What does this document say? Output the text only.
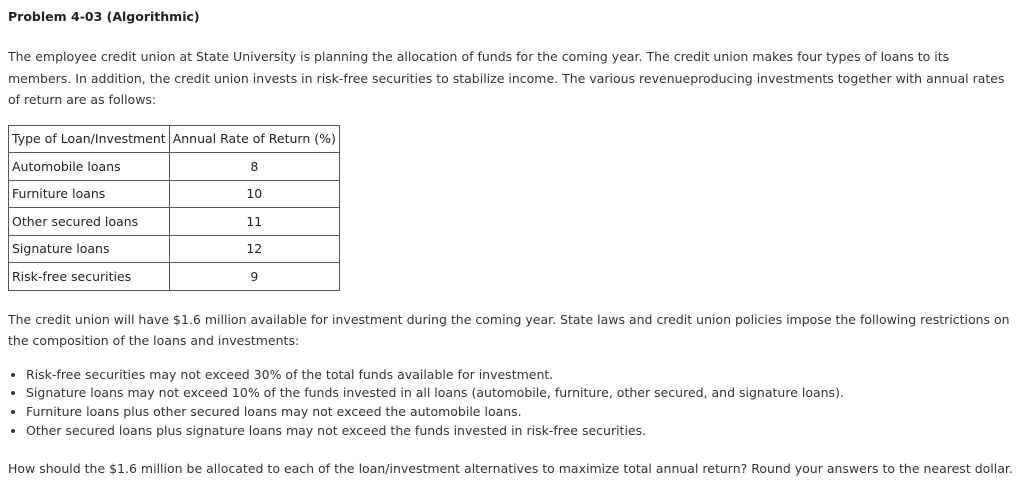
Problem 4-03 (Algorithmic)

The employee credit union at State University is planning the allocation of funds for the coming year. The credit union makes four types of loans to its members. In addition, the credit union invests in risk-free securities to stabilize income. The various revenueproducing investments together with annual rates of return are as follows:

Type of Loan/Investment	Annual Rate of Return (%)
Automobile loans	8
Furniture loans	10
Other secured loans	11
Signature loans	12
Risk-free securities	9

The credit union will have $1.6 million available for investment during the coming year. State laws and credit union policies impose the following restrictions on the composition of the loans and investments:

• Risk-free securities may not exceed 30% of the total funds available for investment.
• Signature loans may not exceed 10% of the funds invested in all loans (automobile, furniture, other secured, and signature loans).
• Furniture loans plus other secured loans may not exceed the automobile loans.
• Other secured loans plus signature loans may not exceed the funds invested in risk-free securities.

How should the $1.6 million be allocated to each of the loan/investment alternatives to maximize total annual return? Round your answers to the nearest dollar.
